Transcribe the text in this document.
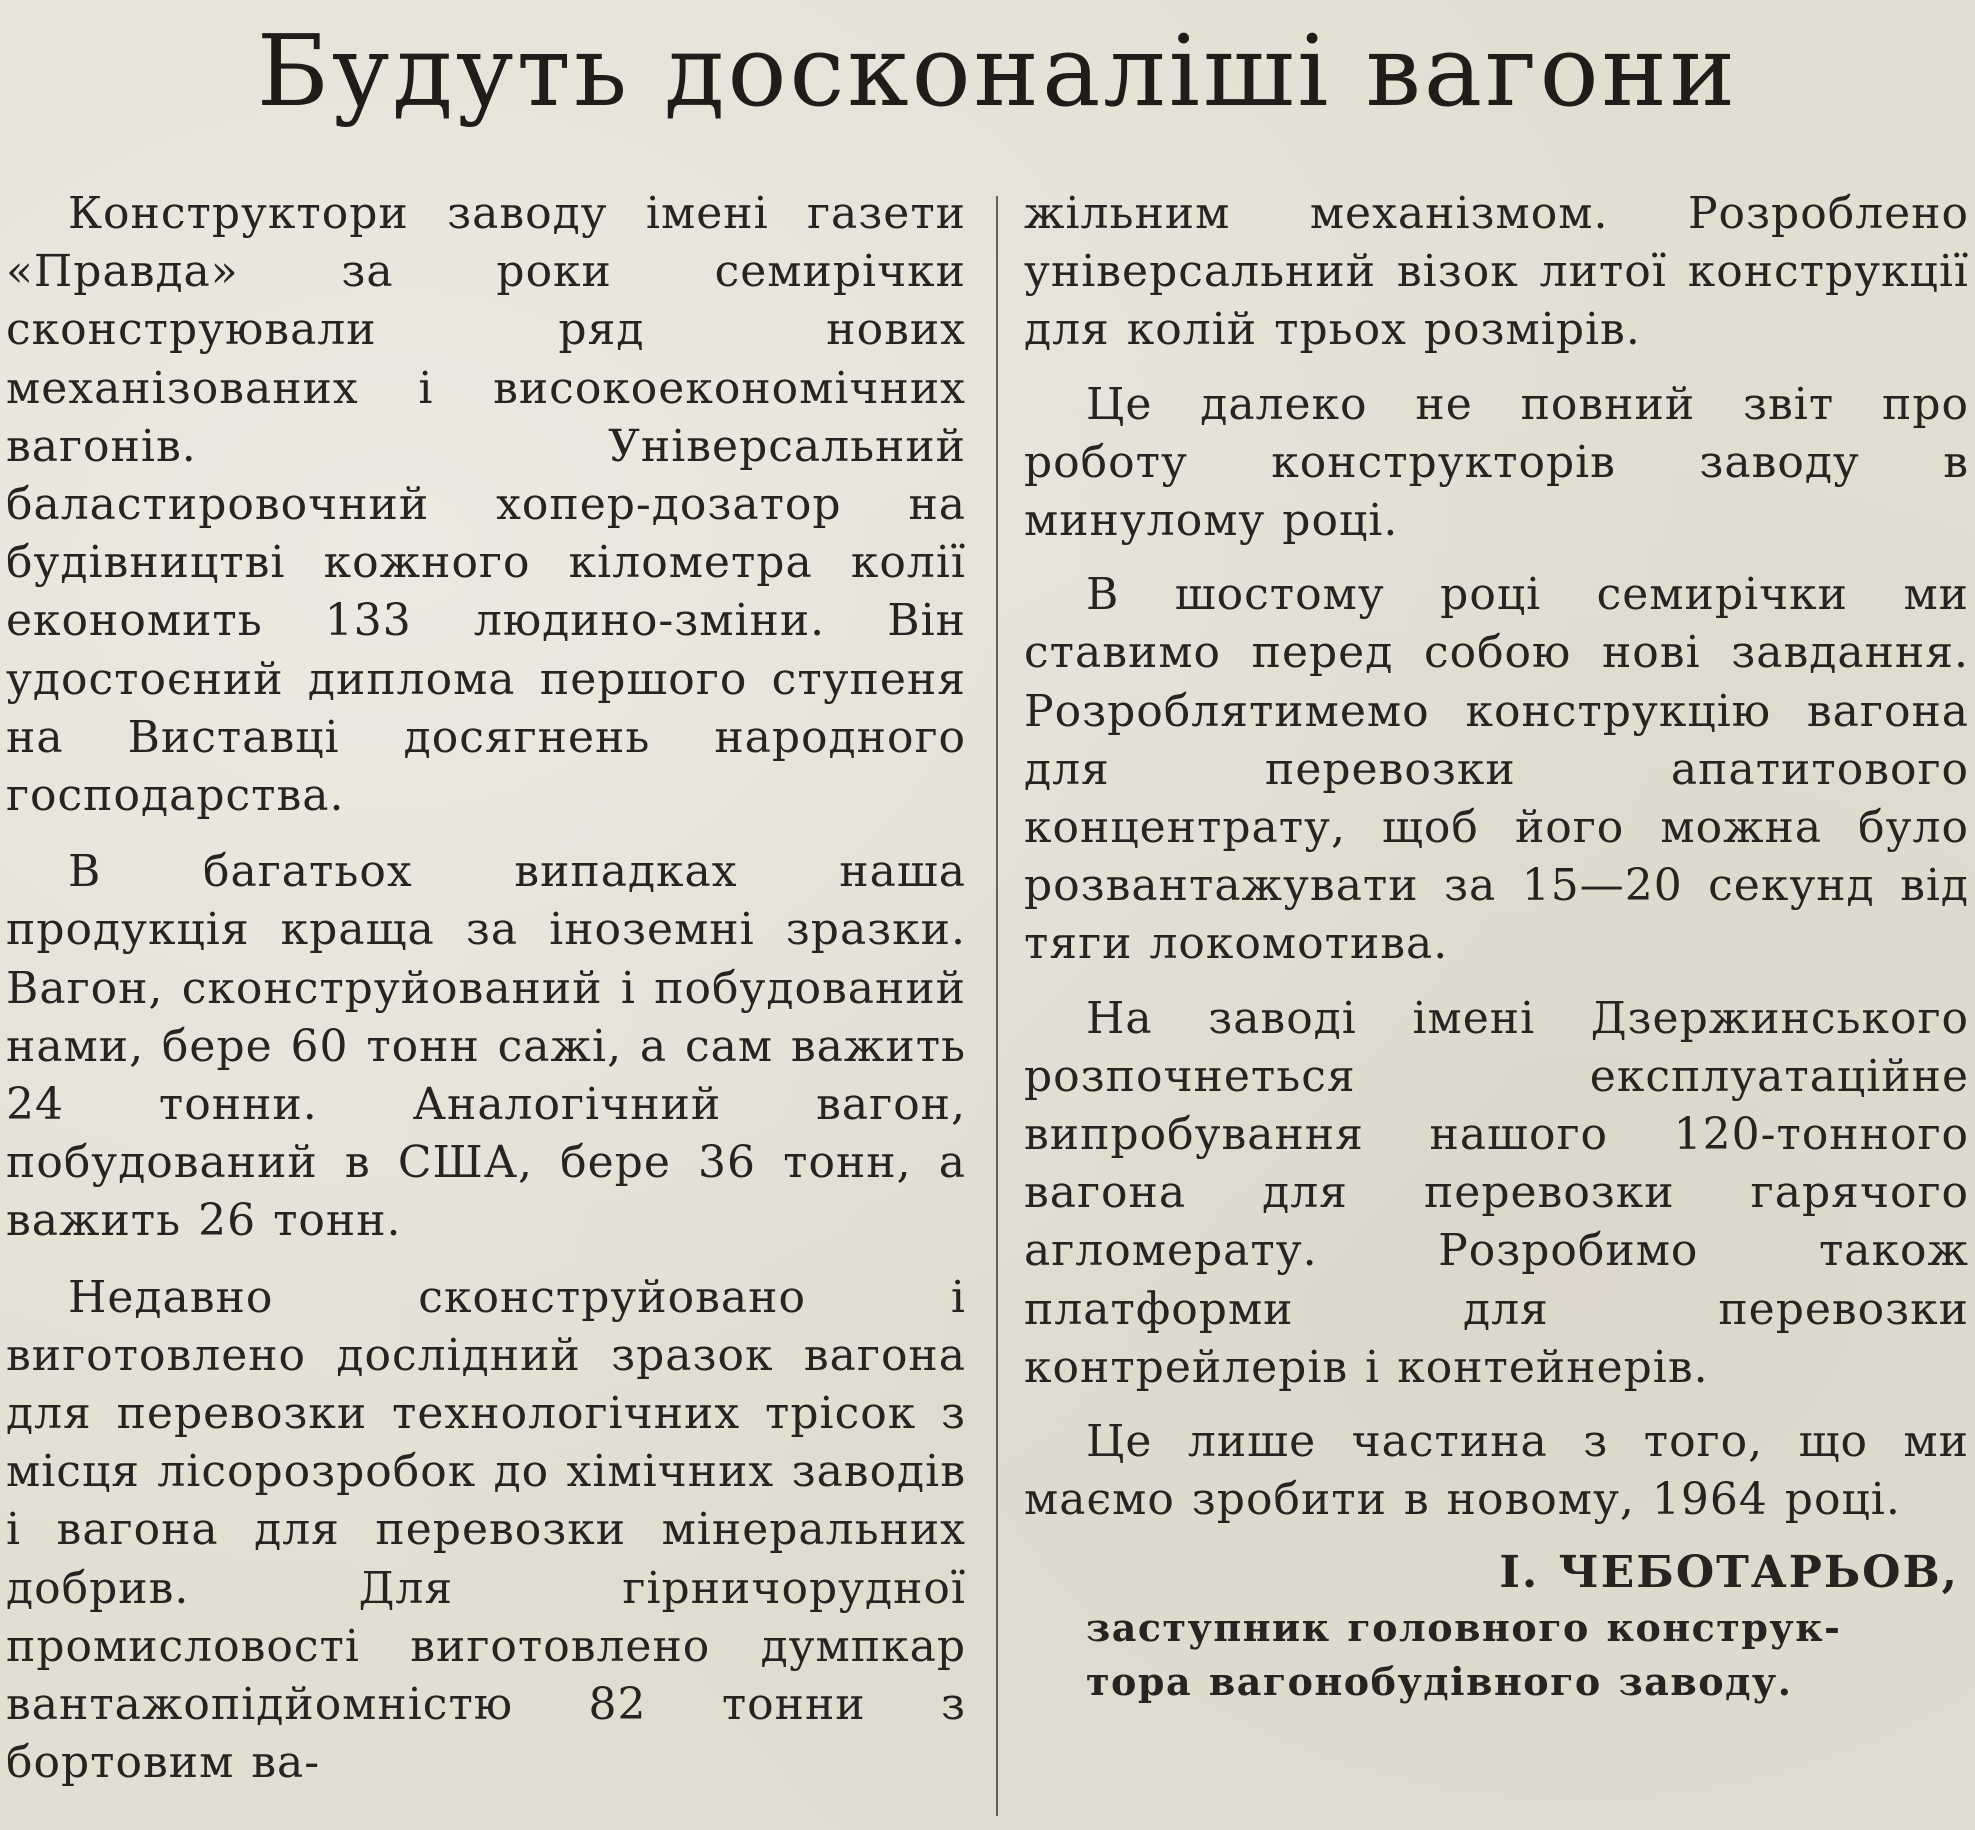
Будуть досконаліші вагони

Конструктори заводу імені газети «Правда» за роки семирічки сконструювали ряд нових механізованих і високоекономічних вагонів. Універсальний баластировочний хопер-дозатор на будівництві кожного кілометра колії економить 133 людино-зміни. Він удостоєний диплома першого ступеня на Виставці досягнень народного господарства.

В багатьох випадках наша продукція краща за іноземні зразки. Вагон, сконструйований і побудований нами, бере 60 тонн сажі, а сам важить 24 тонни. Аналогічний вагон, побудований в США, бере 36 тонн, а важить 26 тонн.

Недавно сконструйовано і виготовлено дослідний зразок вагона для перевозки технологічних трісок з місця лісорозробок до хімічних заводів і вагона для перевозки мінеральних добрив. Для гірничорудної промисловості виготовлено думпкар вантажопідйомністю 82 тонни з бортовим ва-

жільним механізмом. Розроблено універсальний візок литої конструкції для колій трьох розмірів.

Це далеко не повний звіт про роботу конструкторів заводу в минулому році.

В шостому році семирічки ми ставимо перед собою нові завдання. Розроблятимемо конструкцію вагона для перевозки апатитового концентрату, щоб його можна було розвантажувати за 15—20 секунд від тяги локомотива.

На заводі імені Дзержинського розпочнеться експлуатаційне випробування нашого 120-тонного вагона для перевозки гарячого агломерату. Розробимо також платформи для перевозки контрейлерів і контейнерів.

Це лише частина з того, що ми маємо зробити в новому, 1964 році.

І. ЧЕБОТАРЬОВ,
заступник головного конструк-
тора вагонобудівного заводу.
